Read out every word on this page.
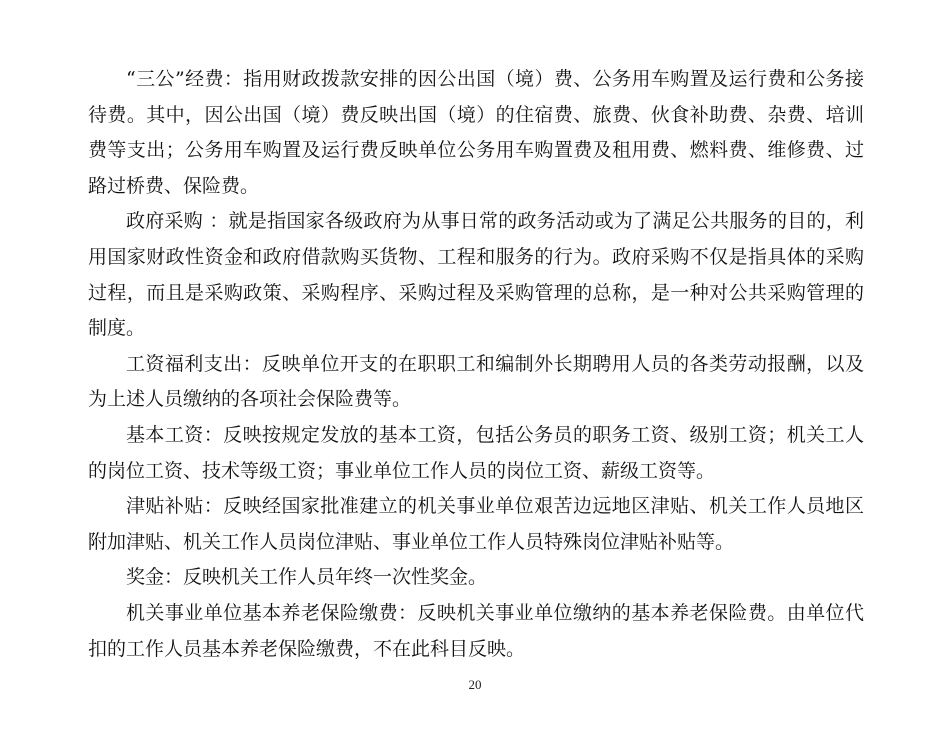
“三公”经费：指用财政拨款安排的因公出国（境）费、公务用车购置及运行费和公务接待费。其中，因公出国（境）费反映出国（境）的住宿费、旅费、伙食补助费、杂费、培训费等支出；公务用车购置及运行费反映单位公务用车购置费及租用费、燃料费、维修费、过路过桥费、保险费。

政府采购 ：就是指国家各级政府为从事日常的政务活动或为了满足公共服务的目的，利用国家财政性资金和政府借款购买货物、工程和服务的行为。政府采购不仅是指具体的采购过程，而且是采购政策、采购程序、采购过程及采购管理的总称，是一种对公共采购管理的制度。

工资福利支出：反映单位开支的在职职工和编制外长期聘用人员的各类劳动报酬，以及为上述人员缴纳的各项社会保险费等。

基本工资：反映按规定发放的基本工资，包括公务员的职务工资、级别工资；机关工人的岗位工资、技术等级工资；事业单位工作人员的岗位工资、薪级工资等。

津贴补贴：反映经国家批准建立的机关事业单位艰苦边远地区津贴、机关工作人员地区附加津贴、机关工作人员岗位津贴、事业单位工作人员特殊岗位津贴补贴等。

奖金：反映机关工作人员年终一次性奖金。

机关事业单位基本养老保险缴费：反映机关事业单位缴纳的基本养老保险费。由单位代扣的工作人员基本养老保险缴费，不在此科目反映。

20
